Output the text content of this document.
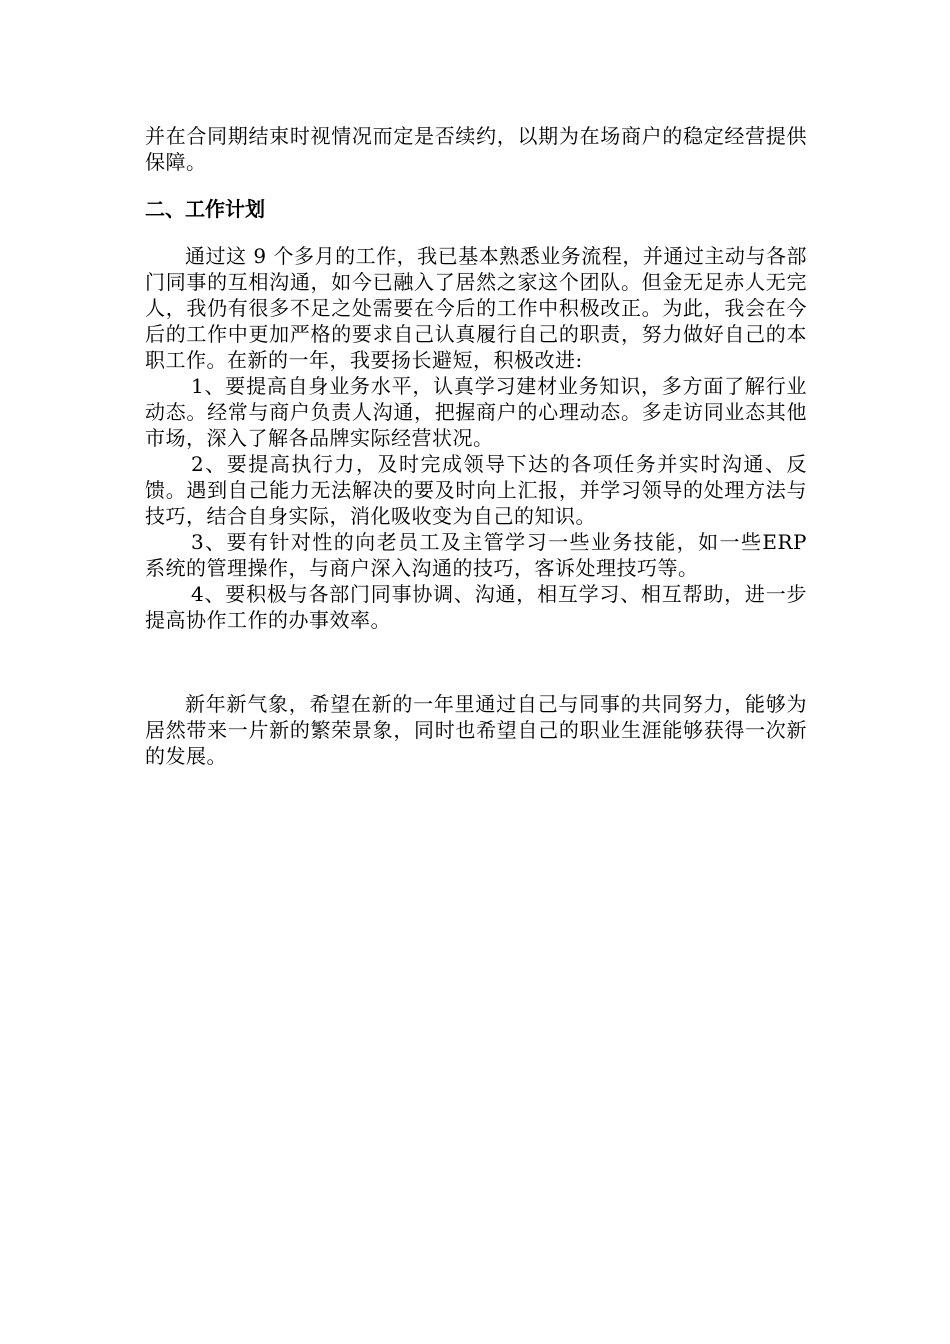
并在合同期结束时视情况而定是否续约，以期为在场商户的稳定经营提供保障。
二、工作计划

通过这 9 个多月的工作，我已基本熟悉业务流程，并通过主动与各部门同事的互相沟通，如今已融入了居然之家这个团队。但金无足赤人无完人，我仍有很多不足之处需要在今后的工作中积极改正。为此，我会在今后的工作中更加严格的要求自己认真履行自己的职责，努力做好自己的本职工作。在新的一年，我要扬长避短，积极改进:

1、要提高自身业务水平，认真学习建材业务知识，多方面了解行业动态。经常与商户负责人沟通，把握商户的心理动态。多走访同业态其他市场，深入了解各品牌实际经营状况。

2、要提高执行力，及时完成领导下达的各项任务并实时沟通、反馈。遇到自己能力无法解决的要及时向上汇报，并学习领导的处理方法与技巧，结合自身实际，消化吸收变为自己的知识。

3、要有针对性的向老员工及主管学习一些业务技能，如一些ERP 系统的管理操作，与商户深入沟通的技巧，客诉处理技巧等。

4、要积极与各部门同事协调、沟通，相互学习、相互帮助，进一步提高协作工作的办事效率。

新年新气象，希望在新的一年里通过自己与同事的共同努力，能够为居然带来一片新的繁荣景象，同时也希望自己的职业生涯能够获得一次新的发展。
